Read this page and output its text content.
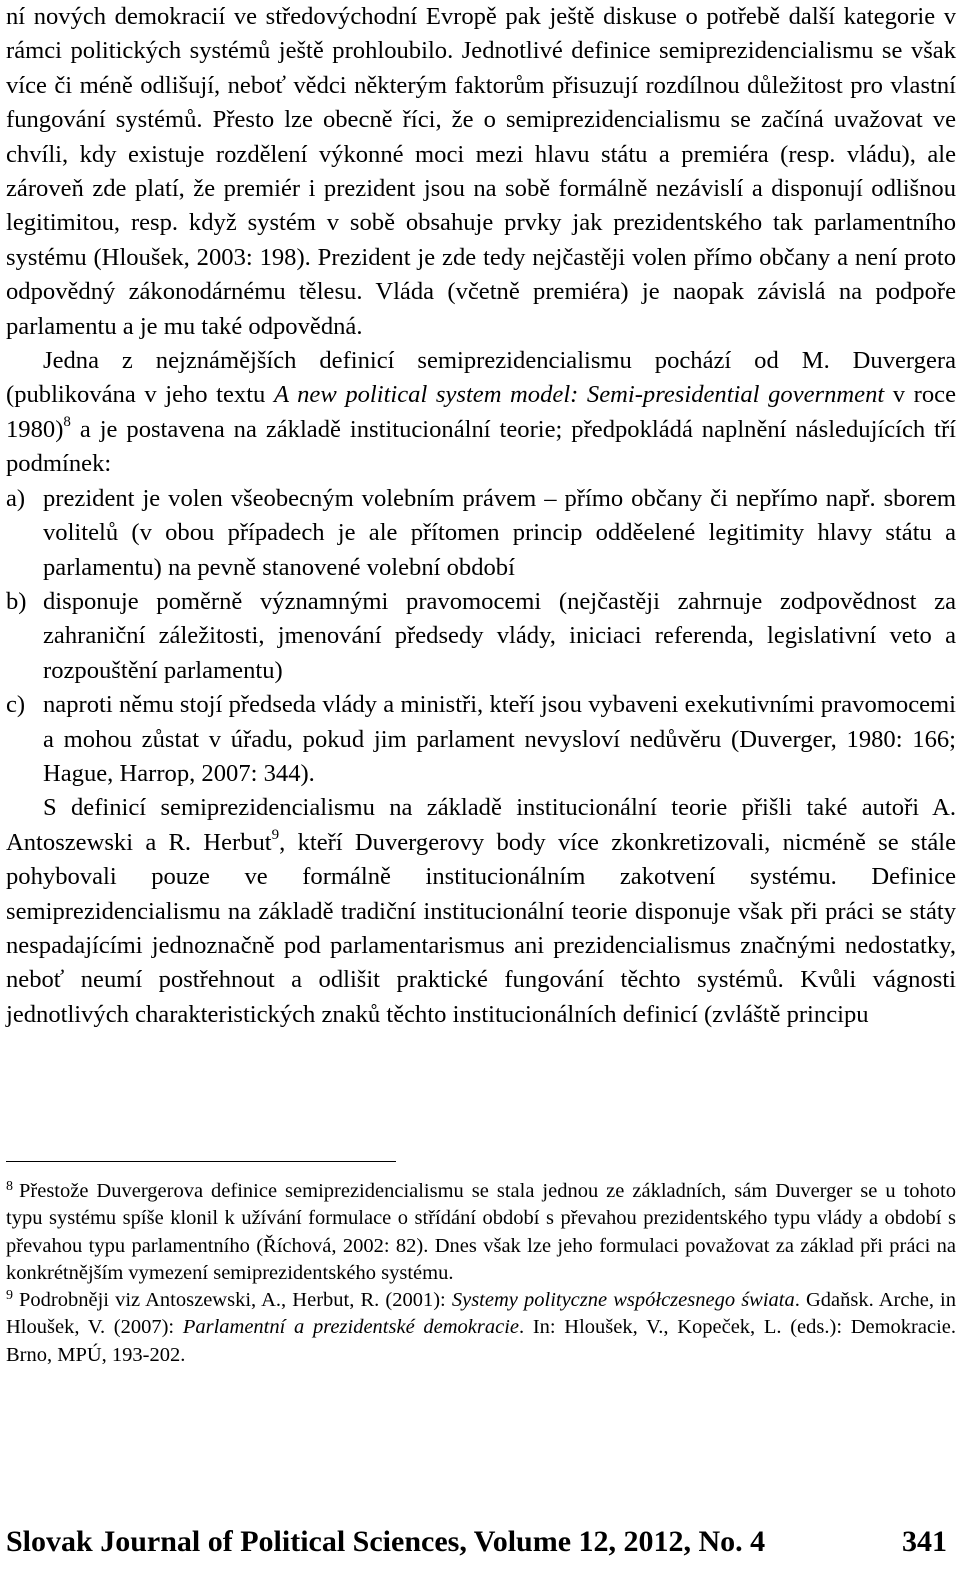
ní nových demokracií ve středovýchodní Evropě pak ještě diskuse o potřebě další kategorie v rámci politických systémů ještě prohloubilo. Jednotlivé definice semiprezidencialismu se však více či méně odlišují, neboť vědci některým faktorům přisuzují rozdílnou důležitost pro vlastní fungování systémů. Přesto lze obecně říci, že o semiprezidencialismu se začíná uvažovat ve chvíli, kdy existuje rozdělení výkonné moci mezi hlavu státu a premiéra (resp. vládu), ale zároveň zde platí, že premiér i prezident jsou na sobě formálně nezávislí a disponují odlišnou legitimitou, resp. když systém v sobě obsahuje prvky jak prezidentského tak parlamentního systému (Hloušek, 2003: 198). Prezident je zde tedy nejčastěji volen přímo občany a není proto odpovědný zákonodárnému tělesu. Vláda (včetně premiéra) je naopak závislá na podpoře parlamentu a je mu také odpovědná.

Jedna z nejznámějších definicí semiprezidencialismu pochází od M. Duvergera (publikována v jeho textu A new political system model: Semi-presidential government v roce 1980)$^8$ a je postavena na základě institucionální teorie; předpokládá naplnění následujících tří podmínek:

a) prezident je volen všeobecným volebním právem – přímo občany či nepřímo např. sborem volitelů (v obou případech je ale přítomen princip odděelené legitimity hlavy státu a parlamentu) na pevně stanovené volební období
b) disponuje poměrně významnými pravomocemi (nejčastěji zahrnuje zodpovědnost za zahraniční záležitosti, jmenování předsedy vlády, iniciaci referenda, legislativní veto a rozpouštění parlamentu)
c) naproti němu stojí předseda vlády a ministři, kteří jsou vybaveni exekutivními pravomocemi a mohou zůstat v úřadu, pokud jim parlament nevysloví nedůvěru (Duverger, 1980: 166; Hague, Harrop, 2007: 344).

S definicí semiprezidencialismu na základě institucionální teorie přišli také autoři A. Antoszewski a R. Herbut$^9$, kteří Duvergerovy body více zkonkretizovali, nicméně se stále pohybovali pouze ve formálně institucionálním zakotvení systému. Definice semiprezidencialismu na základě tradiční institucionální teorie disponuje však při práci se státy nespadajícími jednoznačně pod parlamentarismus ani prezidencialismus značnými nedostatky, neboť neumí postřehnout a odlišit praktické fungování těchto systémů. Kvůli vágnosti jednotlivých charakteristických znaků těchto institucionálních definicí (zvláště principu

$^8$ Přestože Duvergerova definice semiprezidencialismu se stala jednou ze základních, sám Duverger se u tohoto typu systému spíše klonil k užívání formulace o střídání období s převahou prezidentského typu vlády a období s převahou typu parlamentního (Říchová, 2002: 82). Dnes však lze jeho formulaci považovat za základ při práci na konkrétnějším vymezení semiprezidentského systému.

$^9$ Podrobněji viz Antoszewski, A., Herbut, R. (2001): Systemy polityczne współczesnego świata. Gdaňsk. Arche, in Hloušek, V. (2007): Parlamentní a prezidentské demokracie. In: Hloušek, V., Kopeček, L. (eds.): Demokracie. Brno, MPÚ, 193-202.

Slovak Journal of Political Sciences, Volume 12, 2012, No. 4	341
